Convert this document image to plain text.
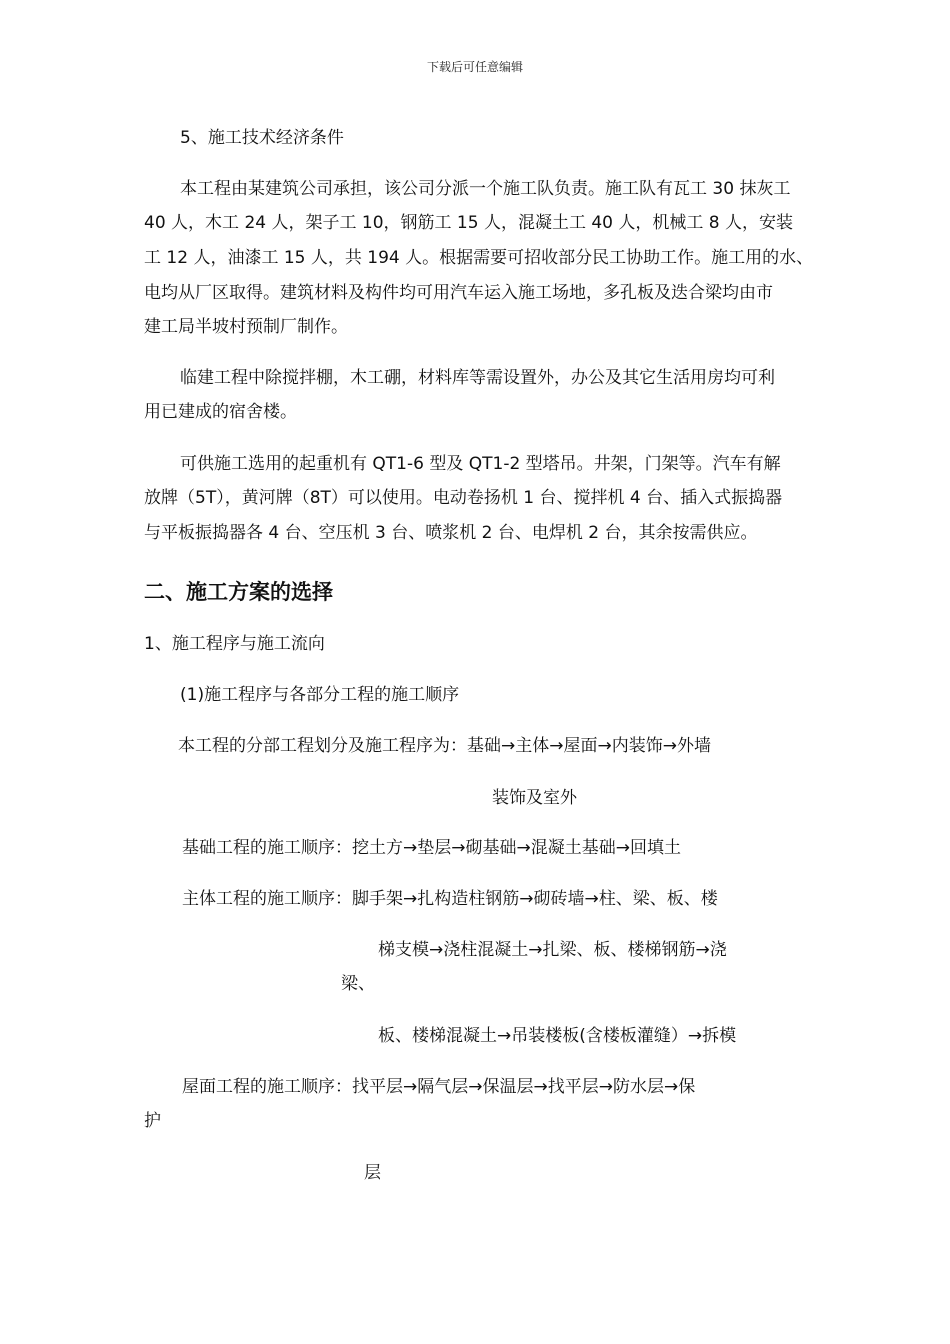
下载后可任意编辑
5、施工技术经济条件
本工程由某建筑公司承担，该公司分派一个施工队负责。施工队有瓦工 30 抹灰工
40 人，木工 24 人，架子工 10，钢筋工 15 人，混凝土工 40 人，机械工 8 人，安装
工 12 人，油漆工 15 人，共 194 人。根据需要可招收部分民工协助工作。施工用的水、
电均从厂区取得。建筑材料及构件均可用汽车运入施工场地，多孔板及迭合梁均由市
建工局半坡村预制厂制作。
临建工程中除搅拌棚，木工硼，材料库等需设置外，办公及其它生活用房均可利
用已建成的宿舍楼。
可供施工选用的起重机有 QT1-6 型及 QT1-2 型塔吊。井架，门架等。汽车有解
放牌（5T），黄河牌（8T）可以使用。电动卷扬机 1 台、搅拌机 4 台、插入式振捣器
与平板振捣器各 4 台、空压机 3 台、喷浆机 2 台、电焊机 2 台，其余按需供应。
二、施工方案的选择
1、施工程序与施工流向
(1)施工程序与各部分工程的施工顺序
本工程的分部工程划分及施工程序为：基础→主体→屋面→内装饰→外墙
装饰及室外
基础工程的施工顺序：挖土方→垫层→砌基础→混凝土基础→回填土
主体工程的施工顺序：脚手架→扎构造柱钢筋→砌砖墙→柱、梁、板、楼
梯支模→浇柱混凝土→扎梁、板、楼梯钢筋→浇
梁、
板、楼梯混凝土→吊装楼板(含楼板灌缝）→拆模
屋面工程的施工顺序：找平层→隔气层→保温层→找平层→防水层→保
护
层
